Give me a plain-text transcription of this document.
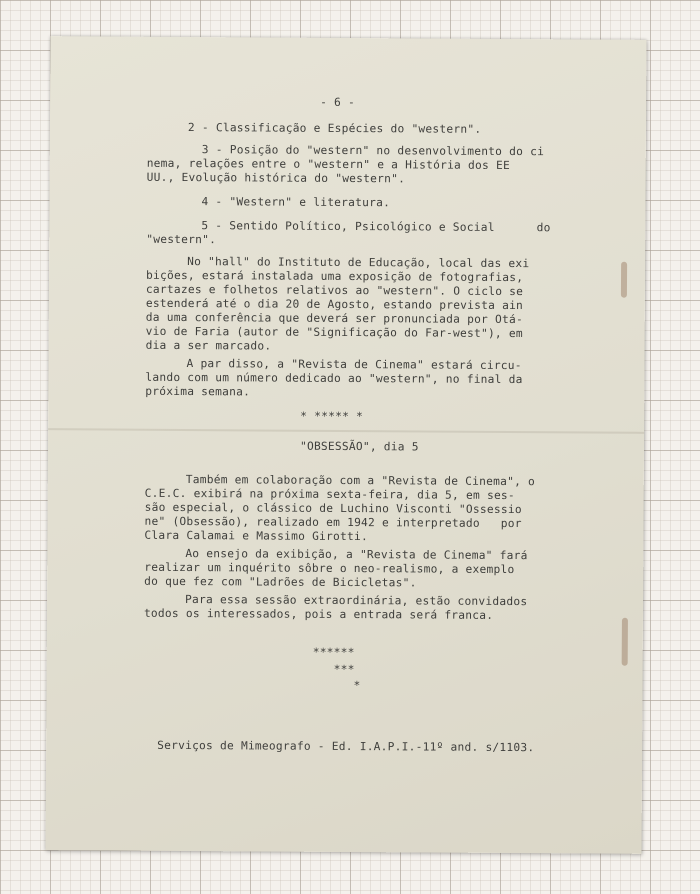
- 6 -

2 - Classificação e Espécies do "western".

3 - Posição do "western" no desenvolvimento do ci

nema, relações entre o "western" e a História dos EE

UU., Evolução histórica do "western".

4 - "Western" e literatura.

5 - Sentido Político, Psicológico e Social      do

"western".

No "hall" do Instituto de Educação, local das exi

bições, estará instalada uma exposição de fotografias,

cartazes e folhetos relativos ao "western". O ciclo se

estenderá até o dia 20 de Agosto, estando prevista ain

da uma conferência que deverá ser pronunciada por Otá-

vio de Faria (autor de "Significação do Far-west"), em

dia a ser marcado.

A par disso, a "Revista de Cinema" estará circu-

lando com um número dedicado ao "western", no final da

próxima semana.

* ***** *

"OBSESSÃO", dia 5

Também em colaboração com a "Revista de Cinema", o

C.E.C. exibirá na próxima sexta-feira, dia 5, em ses-

são especial, o clássico de Luchino Visconti "Ossessio

ne" (Obsessão), realizado em 1942 e interpretado   por

Clara Calamai e Massimo Girotti.

Ao ensejo da exibição, a "Revista de Cinema" fará

realizar um inquérito sôbre o neo-realismo, a exemplo

do que fez com "Ladrões de Bicicletas".

Para essa sessão extraordinária, estão convidados

todos os interessados, pois a entrada será franca.

******

***

*

Serviços de Mimeografo - Ed. I.A.P.I.-11º and. s/1103.
